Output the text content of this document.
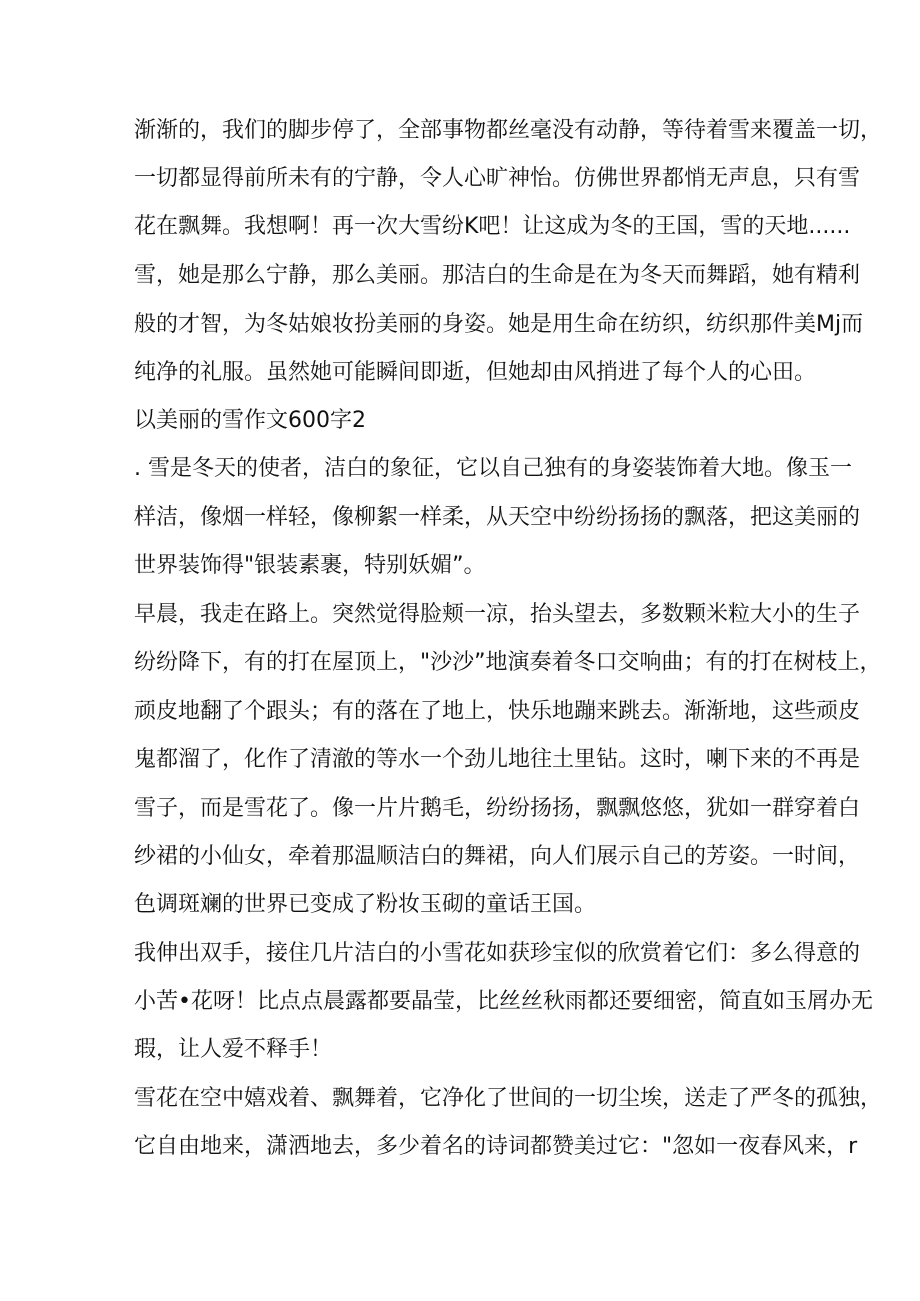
渐渐的，我们的脚步停了，全部事物都丝毫没有动静，等待着雪来覆盖一切，
一切都显得前所未有的宁静，令人心旷神怡。仿佛世界都悄无声息，只有雪
花在飘舞。我想啊！再一次大雪纷K吧！让这成为冬的王国，雪的天地......
雪，她是那么宁静，那么美丽。那洁白的生命是在为冬天而舞蹈，她有精利
般的才智，为冬姑娘妆扮美丽的身姿。她是用生命在纺织，纺织那件美Mj而
纯净的礼服。虽然她可能瞬间即逝，但她却由风捎进了每个人的心田。
以美丽的雪作文600字2
. 雪是冬天的使者，洁白的象征，它以自己独有的身姿装饰着大地。像玉一
样洁，像烟一样轻，像柳絮一样柔，从天空中纷纷扬扬的飘落，把这美丽的
世界装饰得"银装素裹，特别妖媚”。
早晨，我走在路上。突然觉得脸颊一凉，抬头望去，多数颗米粒大小的生子
纷纷降下，有的打在屋顶上，"沙沙”地演奏着冬口交响曲；有的打在树枝上，
顽皮地翻了个跟头；有的落在了地上，快乐地蹦来跳去。渐渐地，这些顽皮
鬼都溜了，化作了清澈的等水一个劲儿地往土里钻。这时，喇下来的不再是
雪子，而是雪花了。像一片片鹅毛，纷纷扬扬，飘飘悠悠，犹如一群穿着白
纱裙的小仙女，牵着那温顺洁白的舞裙，向人们展示自己的芳姿。一时间，
色调斑斓的世界已变成了粉妆玉砌的童话王国。
我伸出双手，接住几片洁白的小雪花如获珍宝似的欣赏着它们：多么得意的
小苦•花呀！比点点晨露都要晶莹，比丝丝秋雨都还要细密，简直如玉屑办无
瑕，让人爱不释手！
雪花在空中嬉戏着、飘舞着，它净化了世间的一切尘埃，送走了严冬的孤独，
它自由地来，潇洒地去，多少着名的诗词都赞美过它："忽如一夜春风来，r
